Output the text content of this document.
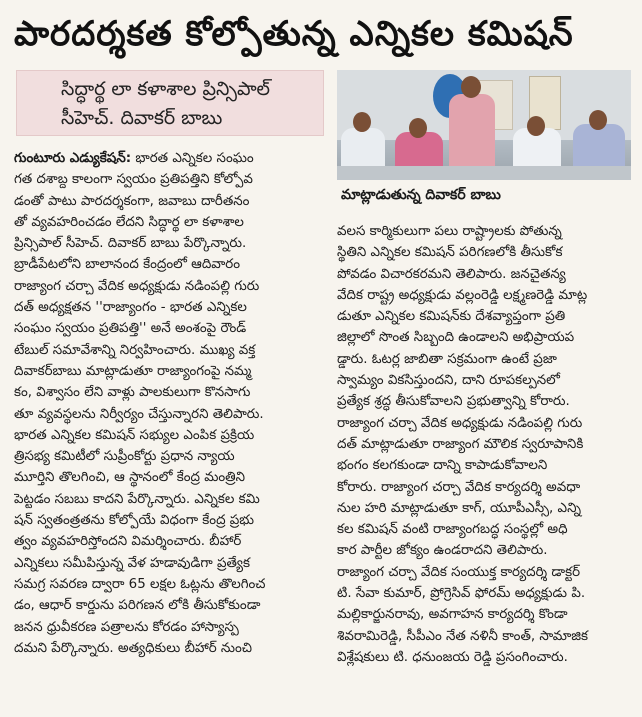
పారదర్శకత కోల్పోతున్న ఎన్నికల కమిషన్
సిద్ధార్థ లా కళాశాల ప్రిన్సిపాల్
సీహెచ్. దివాకర్ బాబు
మాట్లాడుతున్న దివాకర్ బాబు
గుంటూరు ఎడ్యుకేషన్: భారత ఎన్నికల సంఘం
గత దశాబ్ద కాలంగా స్వయం ప్రతిపత్తిని కోల్పోవ
డంతో పాటు పారదర్శకంగా, జవాబు దారీతనం
తో వ్యవహరించడం లేదని సిద్ధార్థ లా కళాశాల
ప్రిన్సిపాల్ సీహెచ్. దివాకర్ బాబు పేర్కొన్నారు.
బ్రాడీపేటలోని బాలానంద కేంద్రంలో ఆదివారం
రాజ్యాంగ చర్చా వేదిక అధ్యక్షుడు నడింపల్లి గురు
దత్ అధ్యక్షతన ''రాజ్యాంగం - భారత ఎన్నికల
సంఘం స్వయం ప్రతిపత్తి'' అనే అంశంపై రౌండ్
టేబుల్ సమావేశాన్ని నిర్వహించారు. ముఖ్య వక్త
దివాకర్‌బాబు మాట్లాడుతూ రాజ్యాంగంపై నమ్మ
కం, విశ్వాసం లేని వాళ్లు పాలకులుగా కొనసాగు
తూ వ్యవస్థలను నిర్వీర్యం చేస్తున్నారని తెలిపారు.
భారత ఎన్నికల కమిషన్ సభ్యుల ఎంపిక ప్రక్రియ
త్రిసభ్య కమిటీలో సుప్రీంకోర్టు ప్రధాన న్యాయ
మూర్తిని తొలగించి, ఆ స్థానంలో కేంద్ర మంత్రిని
పెట్టడం సబబు కాదని పేర్కొన్నారు. ఎన్నికల కమి
షన్ స్వతంత్రతను కోల్పోయే విధంగా కేంద్ర ప్రభు
త్వం వ్యవహరిస్తోందని విమర్శించారు. బీహార్
ఎన్నికలు సమీపిస్తున్న వేళ హడావుడిగా ప్రత్యేక
సమగ్ర సవరణ ద్వారా 65 లక్షల ఓట్లను తొలగించ
డం, ఆధార్ కార్డును పరిగణన లోకి తీసుకోకుండా
జనన ధ్రువీకరణ పత్రాలను కోరడం హాస్యాస్ప
దమని పేర్కొన్నారు. అత్యధికులు బీహార్ నుంచి
వలస కార్మికులుగా పలు రాష్ట్రాలకు పోతున్న
స్థితిని ఎన్నికల కమిషన్ పరిగణలోకి తీసుకోక
పోవడం విచారకరమని తెలిపారు. జనచైతన్య
వేదిక రాష్ట్ర అధ్యక్షుడు వల్లంరెడ్డి లక్ష్మణరెడ్డి మాట్ల
డుతూ ఎన్నికల కమిషన్‌కు దేశవ్యాప్తంగా ప్రతి
జిల్లాలో సొంత సిబ్బంది ఉండాలని అభిప్రాయప
డ్డారు. ఓటర్ల జాబితా సక్రమంగా ఉంటే ప్రజా
స్వామ్యం వికసిస్తుందని, దాని రూపకల్పనలో
ప్రత్యేక శ్రద్ధ తీసుకోవాలని ప్రభుత్వాన్ని కోరారు.
రాజ్యాంగ చర్చా వేదిక అధ్యక్షుడు నడింపల్లి గురు
దత్ మాట్లాడుతూ రాజ్యాంగ మౌలిక స్వరూపానికి
భంగం కలగకుండా దాన్ని కాపాడుకోవాలని
కోరారు. రాజ్యాంగ చర్చా వేదిక కార్యదర్శి అవధా
నుల హరి మాట్లాడుతూ కాగ్, యూపీఎస్సీ, ఎన్ని
కల కమిషన్ వంటి రాజ్యాంగబద్ధ సంస్థల్లో అధి
కార పార్టీల జోక్యం ఉండరాదని తెలిపారు.
రాజ్యాంగ చర్చా వేదిక సంయుక్త కార్యదర్శి డాక్టర్
టి. సేవా కుమార్, ప్రోగ్రెసివ్ ఫోరమ్ అధ్యక్షుడు పి.
మల్లికార్జునరావు, అవగాహన కార్యదర్శి కొండా
శివరామిరెడ్డి, సీపీఎం నేత నళినీ కాంత్, సామాజిక
విశ్లేషకులు టి. ధనుంజయ రెడ్డి ప్రసంగించారు.
